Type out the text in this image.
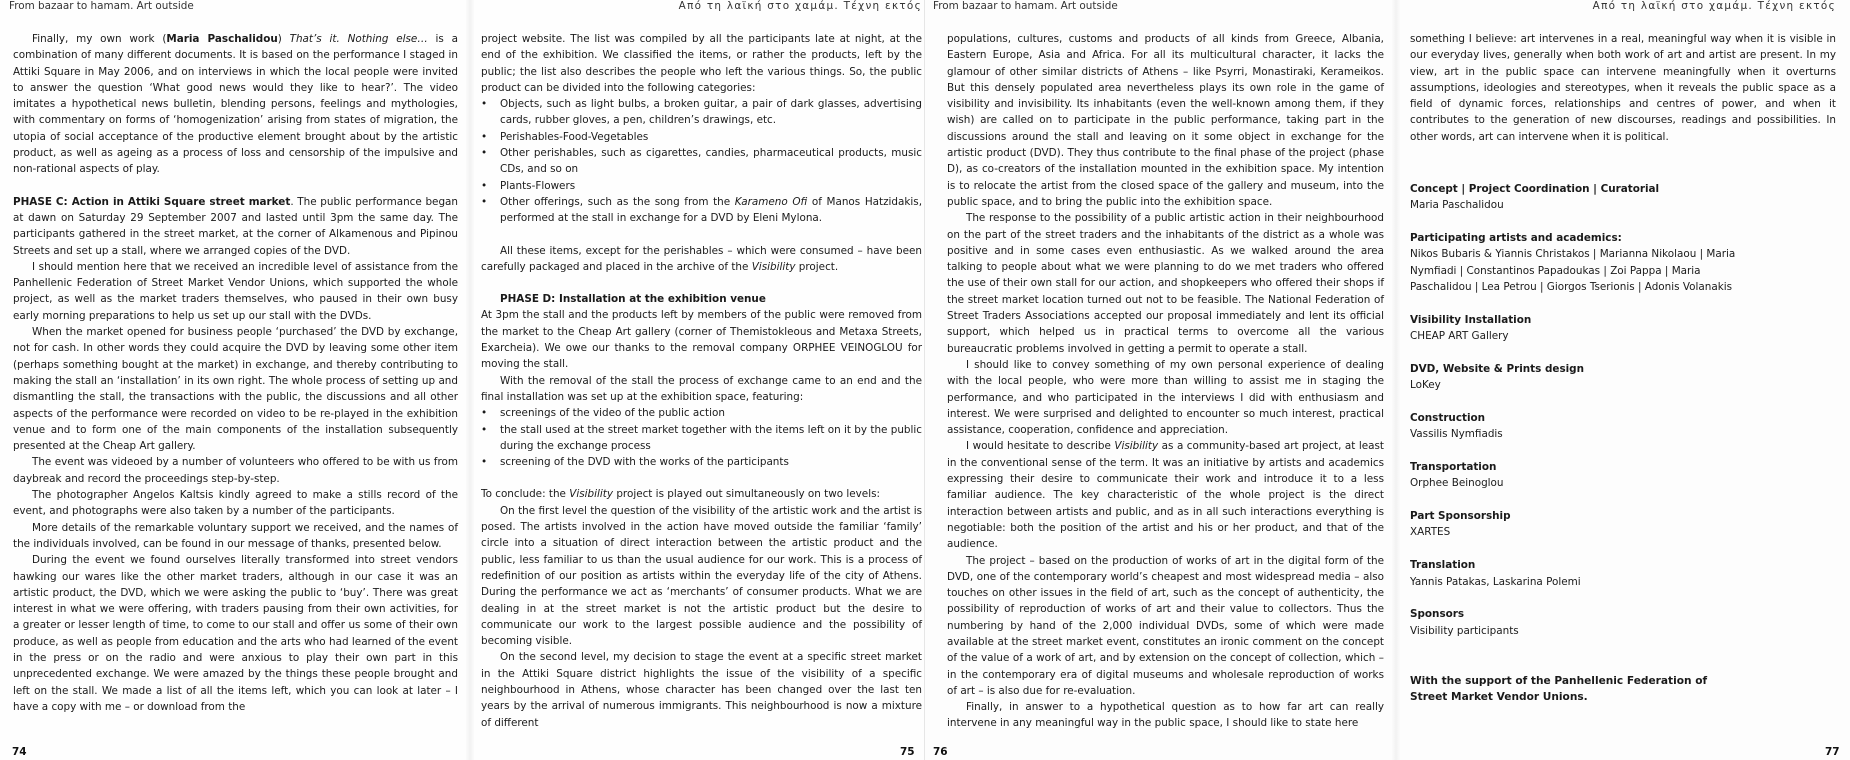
From bazaar to hamam. Art outside	Από τη λαϊκή στο χαμάμ. Τέχνη εκτός From bazaar to hamam. Art outside	Από τη λαϊκή στο χαμάμ. Τέχνη εκτός

Finally, my own work (Maria Paschalidou) That’s it. Nothing else… is a combination of many different documents. It is based on the performance I staged in Attiki Square in May 2006, and on interviews in which the local people were invited to answer the question ‘What good news would they like to hear?’. The video imitates a hypothetical news bulletin, blending persons, feelings and mythologies, with commentary on forms of ‘homogenization’ arising from states of migration, the utopia of social acceptance of the productive element brought about by the artistic product, as well as ageing as a process of loss and censorship of the impulsive and non-rational aspects of play.

PHASE C: Action in Attiki Square street market. The public performance began at dawn on Saturday 29 September 2007 and lasted until 3pm the same day. The participants gathered in the street market, at the corner of Alkamenous and Pipinou Streets and set up a stall, where we arranged copies of the DVD.

I should mention here that we received an incredible level of assistance from the Panhellenic Federation of Street Market Vendor Unions, which supported the whole project, as well as the market traders themselves, who paused in their own busy early morning preparations to help us set up our stall with the DVDs.

When the market opened for business people ‘purchased’ the DVD by exchange, not for cash. In other words they could acquire the DVD by leaving some other item (perhaps something bought at the market) in exchange, and thereby contributing to making the stall an ‘installation’ in its own right. The whole process of setting up and dismantling the stall, the transactions with the public, the discussions and all other aspects of the performance were recorded on video to be re-played in the exhibition venue and to form one of the main components of the installation subsequently presented at the Cheap Art gallery.

The event was videoed by a number of volunteers who offered to be with us from daybreak and record the proceedings step-by-step.

The photographer Angelos Kaltsis kindly agreed to make a stills record of the event, and photographs were also taken by a number of the participants.

More details of the remarkable voluntary support we received, and the names of the individuals involved, can be found in our message of thanks, presented below.

During the event we found ourselves literally transformed into street vendors hawking our wares like the other market traders, although in our case it was an artistic product, the DVD, which we were asking the public to ‘buy’. There was great interest in what we were offering, with traders pausing from their own activities, for a greater or lesser length of time, to come to our stall and offer us some of their own produce, as well as people from education and the arts who had learned of the event in the press or on the radio and were anxious to play their own part in this unprecedented exchange. We were amazed by the things these people brought and left on the stall. We made a list of all the items left, which you can look at later – I have a copy with me – or download from the

74

project website. The list was compiled by all the participants late at night, at the end of the exhibition. We classified the items, or rather the products, left by the public; the list also describes the people who left the various things. So, the public product can be divided into the following categories:

• Objects, such as light bulbs, a broken guitar, a pair of dark glasses, advertising cards, rubber gloves, a pen, children’s drawings, etc.
• Perishables-Food-Vegetables
• Other perishables, such as cigarettes, candies, pharmaceutical products, music CDs, and so on
• Plants-Flowers
• Other offerings, such as the song from the Karameno Ofi of Manos Hatzidakis, performed at the stall in exchange for a DVD by Eleni Mylona.

All these items, except for the perishables – which were consumed – have been carefully packaged and placed in the archive of the Visibility project.

PHASE D: Installation at the exhibition venue

At 3pm the stall and the products left by members of the public were removed from the market to the Cheap Art gallery (corner of Themistokleous and Metaxa Streets, Exarcheia). We owe our thanks to the removal company ORPHEE VEINOGLOU for moving the stall.

With the removal of the stall the process of exchange came to an end and the final installation was set up at the exhibition space, featuring:

• screenings of the video of the public action
• the stall used at the street market together with the items left on it by the public during the exchange process
• screening of the DVD with the works of the participants

To conclude: the Visibility project is played out simultaneously on two levels:

On the first level the question of the visibility of the artistic work and the artist is posed. The artists involved in the action have moved outside the familiar ‘family’ circle into a situation of direct interaction between the artistic product and the public, less familiar to us than the usual audience for our work. This is a process of redefinition of our position as artists within the everyday life of the city of Athens. During the performance we act as ‘merchants’ of consumer products. What we are dealing in at the street market is not the artistic product but the desire to communicate our work to the largest possible audience and the possibility of becoming visible.

On the second level, my decision to stage the event at a specific street market in the Attiki Square district highlights the issue of the visibility of a specific neighbourhood in Athens, whose character has been changed over the last ten years by the arrival of numerous immigrants. This neighbourhood is now a mixture of different

75

populations, cultures, customs and products of all kinds from Greece, Albania, Eastern Europe, Asia and Africa. For all its multicultural character, it lacks the glamour of other similar districts of Athens – like Psyrri, Monastiraki, Kerameikos. But this densely populated area nevertheless plays its own role in the game of visibility and invisibility. Its inhabitants (even the well-known among them, if they wish) are called on to participate in the public performance, taking part in the discussions around the stall and leaving on it some object in exchange for the artistic product (DVD). They thus contribute to the final phase of the project (phase D), as co-creators of the installation mounted in the exhibition space. My intention is to relocate the artist from the closed space of the gallery and museum, into the public space, and to bring the public into the exhibition space.

The response to the possibility of a public artistic action in their neighbourhood on the part of the street traders and the inhabitants of the district as a whole was positive and in some cases even enthusiastic. As we walked around the area talking to people about what we were planning to do we met traders who offered the use of their own stall for our action, and shopkeepers who offered their shops if the street market location turned out not to be feasible. The National Federation of Street Traders Associations accepted our proposal immediately and lent its official support, which helped us in practical terms to overcome all the various bureaucratic problems involved in getting a permit to operate a stall.

I should like to convey something of my own personal experience of dealing with the local people, who were more than willing to assist me in staging the performance, and who participated in the interviews I did with enthusiasm and interest. We were surprised and delighted to encounter so much interest, practical assistance, cooperation, confidence and appreciation.

I would hesitate to describe Visibility as a community-based art project, at least in the conventional sense of the term. It was an initiative by artists and academics expressing their desire to communicate their work and introduce it to a less familiar audience. The key characteristic of the whole project is the direct interaction between artists and public, and as in all such interactions everything is negotiable: both the position of the artist and his or her product, and that of the audience.

The project – based on the production of works of art in the digital form of the DVD, one of the contemporary world’s cheapest and most widespread media – also touches on other issues in the field of art, such as the concept of authenticity, the possibility of reproduction of works of art and their value to collectors. Thus the numbering by hand of the 2,000 individual DVDs, some of which were made available at the street market event, constitutes an ironic comment on the concept of the value of a work of art, and by extension on the concept of collection, which – in the contemporary era of digital museums and wholesale reproduction of works of art – is also due for re-evaluation.

Finally, in answer to a hypothetical question as to how far art can really intervene in any meaningful way in the public space, I should like to state here

76

something I believe: art intervenes in a real, meaningful way when it is visible in our everyday lives, generally when both work of art and artist are present. In my view, art in the public space can intervene meaningfully when it overturns assumptions, ideologies and stereotypes, when it reveals the public space as a field of dynamic forces, relationships and centres of power, and when it contributes to the generation of new discourses, readings and possibilities. In other words, art can intervene when it is political.

Concept | Project Coordination | Curatorial
Maria Paschalidou
Participating artists and academics:
Nikos Bubaris & Yiannis Christakos | Marianna Nikolaou | Maria Nymfiadi | Constantinos Papadoukas | Zoi Pappa | Maria Paschalidou | Lea Petrou | Giorgos Tserionis | Adonis Volanakis
Visibility Installation
CHEAP ART Gallery
DVD, Website & Prints design
LoKey
Construction
Vassilis Nymfiadis
Transportation
Orphee Beinoglou
Part Sponsorship
XARTES
Translation
Yannis Patakas, Laskarina Polemi
Sponsors
Visibility participants
With the support of the Panhellenic Federation of Street Market Vendor Unions.
77
